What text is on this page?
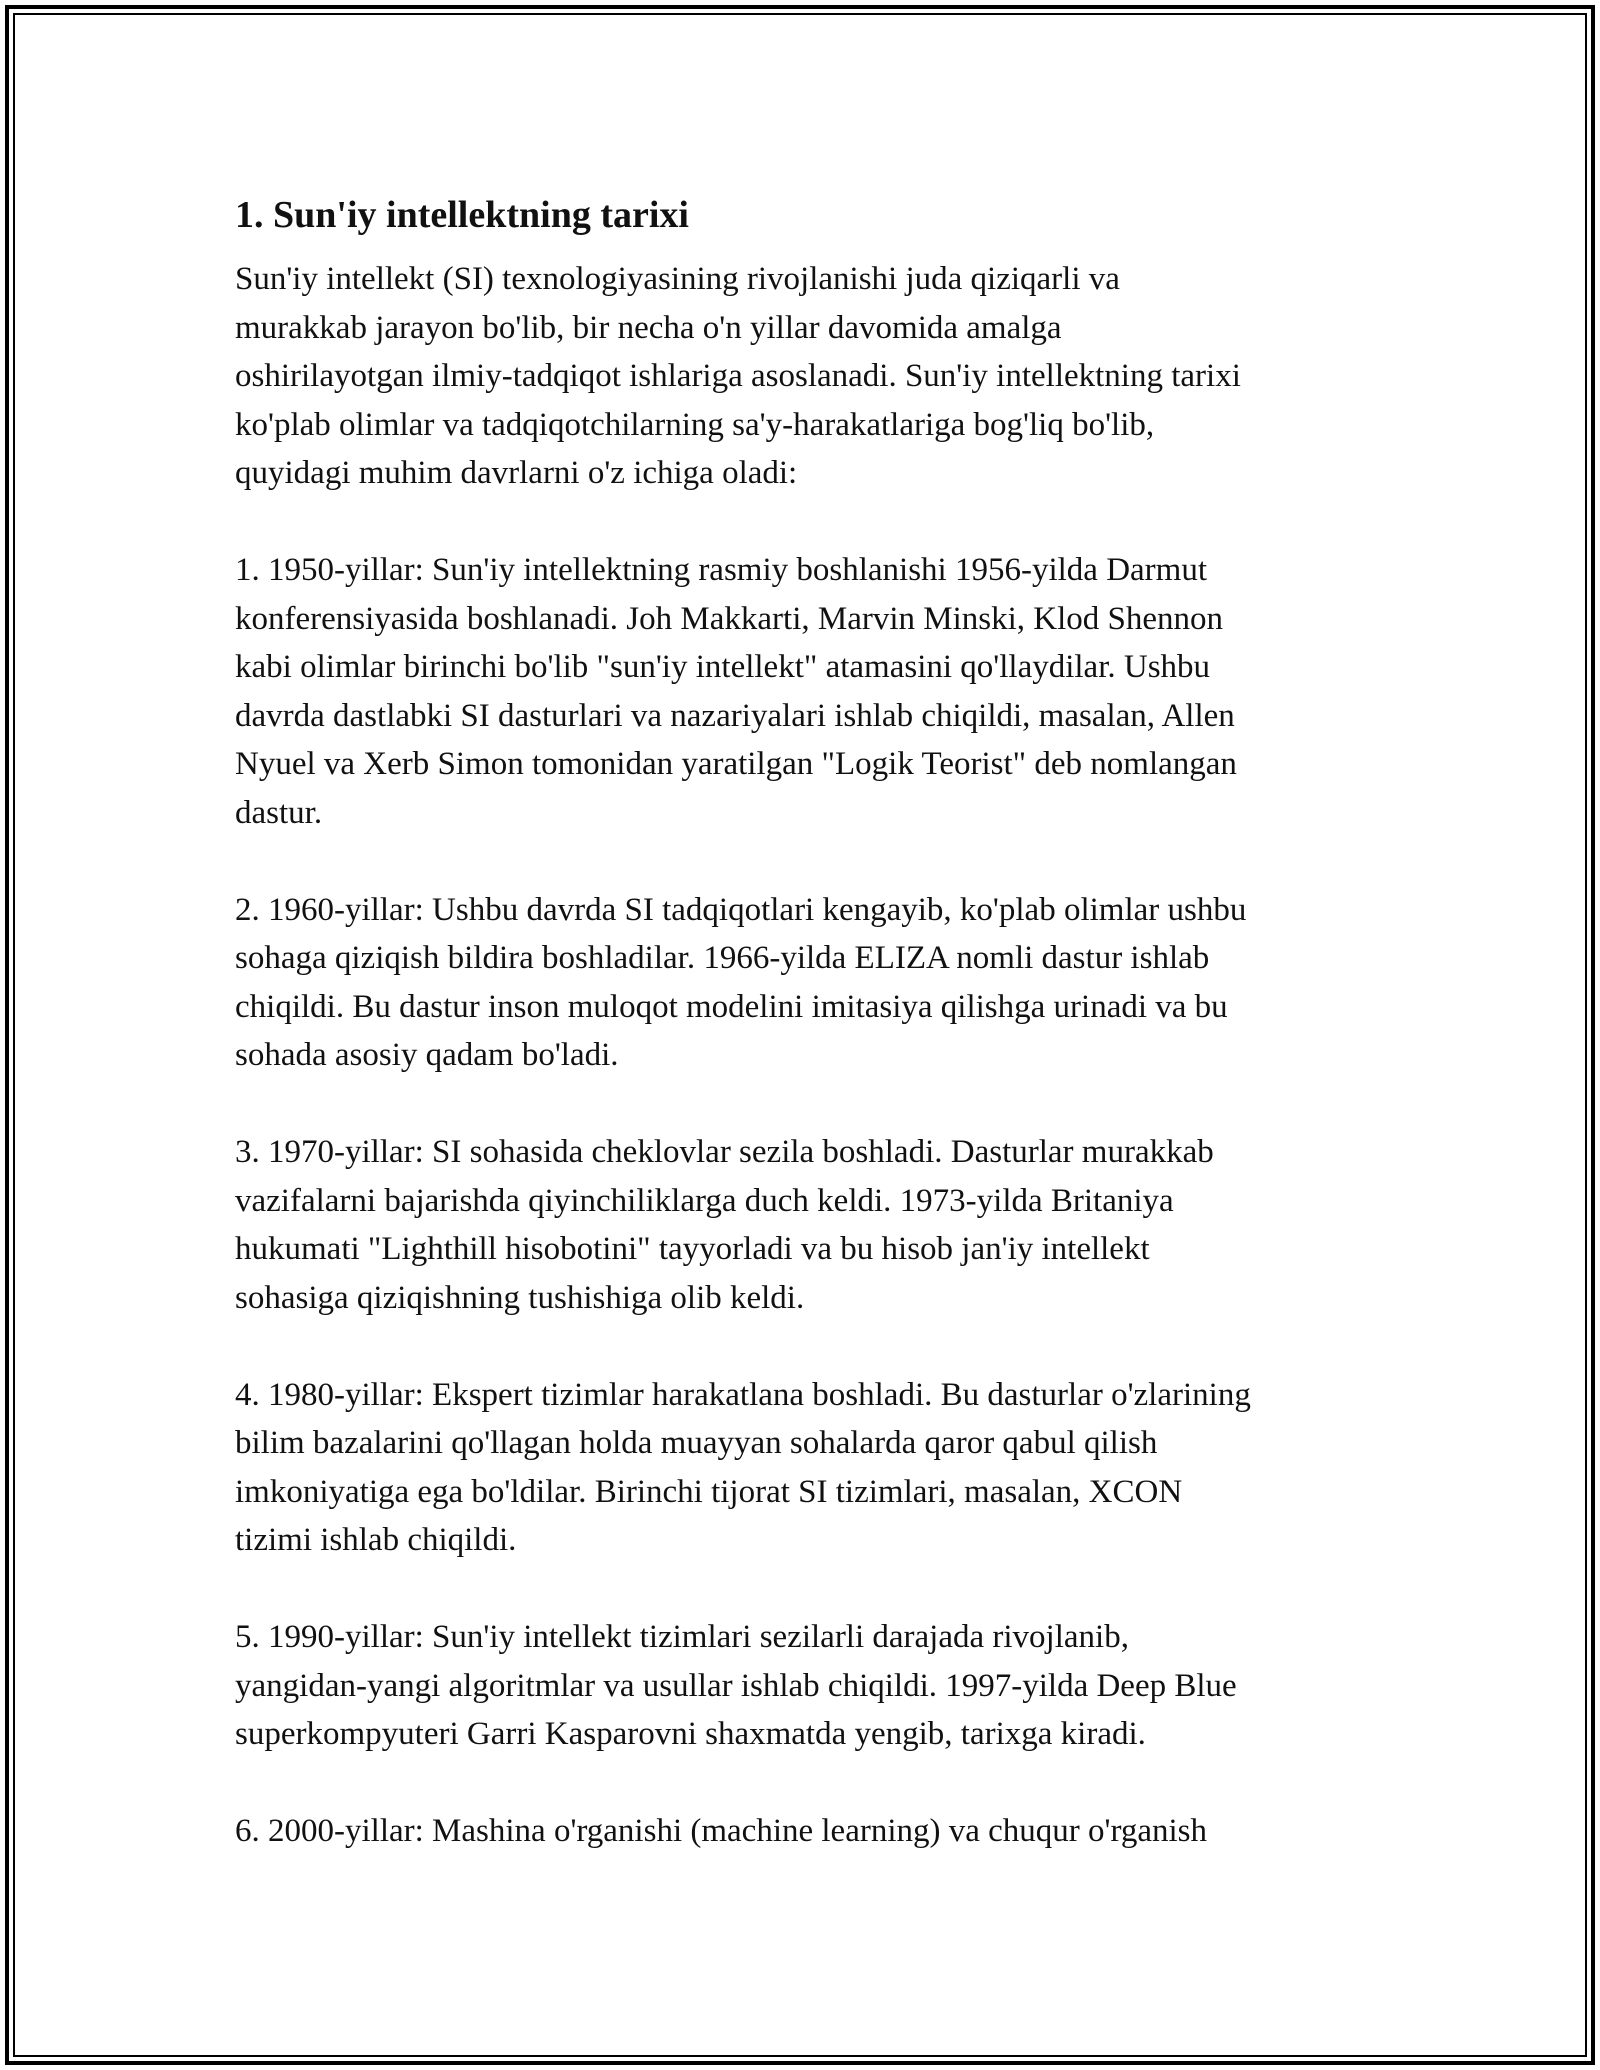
1. Sun'iy intellektning tarixi

Sun'iy intellekt (SI) texnologiyasining rivojlanishi juda qiziqarli va
murakkab jarayon bo'lib, bir necha o'n yillar davomida amalga
oshirilayotgan ilmiy-tadqiqot ishlariga asoslanadi. Sun'iy intellektning tarixi
ko'plab olimlar va tadqiqotchilarning sa'y-harakatlariga bog'liq bo'lib,
quyidagi muhim davrlarni o'z ichiga oladi:

1. 1950-yillar: Sun'iy intellektning rasmiy boshlanishi 1956-yilda Darmut
konferensiyasida boshlanadi. Joh Makkarti, Marvin Minski, Klod Shennon
kabi olimlar birinchi bo'lib "sun'iy intellekt" atamasini qo'llaydilar. Ushbu
davrda dastlabki SI dasturlari va nazariyalari ishlab chiqildi, masalan, Allen
Nyuel va Xerb Simon tomonidan yaratilgan "Logik Teorist" deb nomlangan
dastur.

2. 1960-yillar: Ushbu davrda SI tadqiqotlari kengayib, ko'plab olimlar ushbu
sohaga qiziqish bildira boshladilar. 1966-yilda ELIZA nomli dastur ishlab
chiqildi. Bu dastur inson muloqot modelini imitasiya qilishga urinadi va bu
sohada asosiy qadam bo'ladi.

3. 1970-yillar: SI sohasida cheklovlar sezila boshladi. Dasturlar murakkab
vazifalarni bajarishda qiyinchiliklarga duch keldi. 1973-yilda Britaniya
hukumati "Lighthill hisobotini" tayyorladi va bu hisob jan'iy intellekt
sohasiga qiziqishning tushishiga olib keldi.

4. 1980-yillar: Ekspert tizimlar harakatlana boshladi. Bu dasturlar o'zlarining
bilim bazalarini qo'llagan holda muayyan sohalarda qaror qabul qilish
imkoniyatiga ega bo'ldilar. Birinchi tijorat SI tizimlari, masalan, XCON
tizimi ishlab chiqildi.

5. 1990-yillar: Sun'iy intellekt tizimlari sezilarli darajada rivojlanib,
yangidan-yangi algoritmlar va usullar ishlab chiqildi. 1997-yilda Deep Blue
superkompyuteri Garri Kasparovni shaxmatda yengib, tarixga kiradi.

6. 2000-yillar: Mashina o'rganishi (machine learning) va chuqur o'rganish
